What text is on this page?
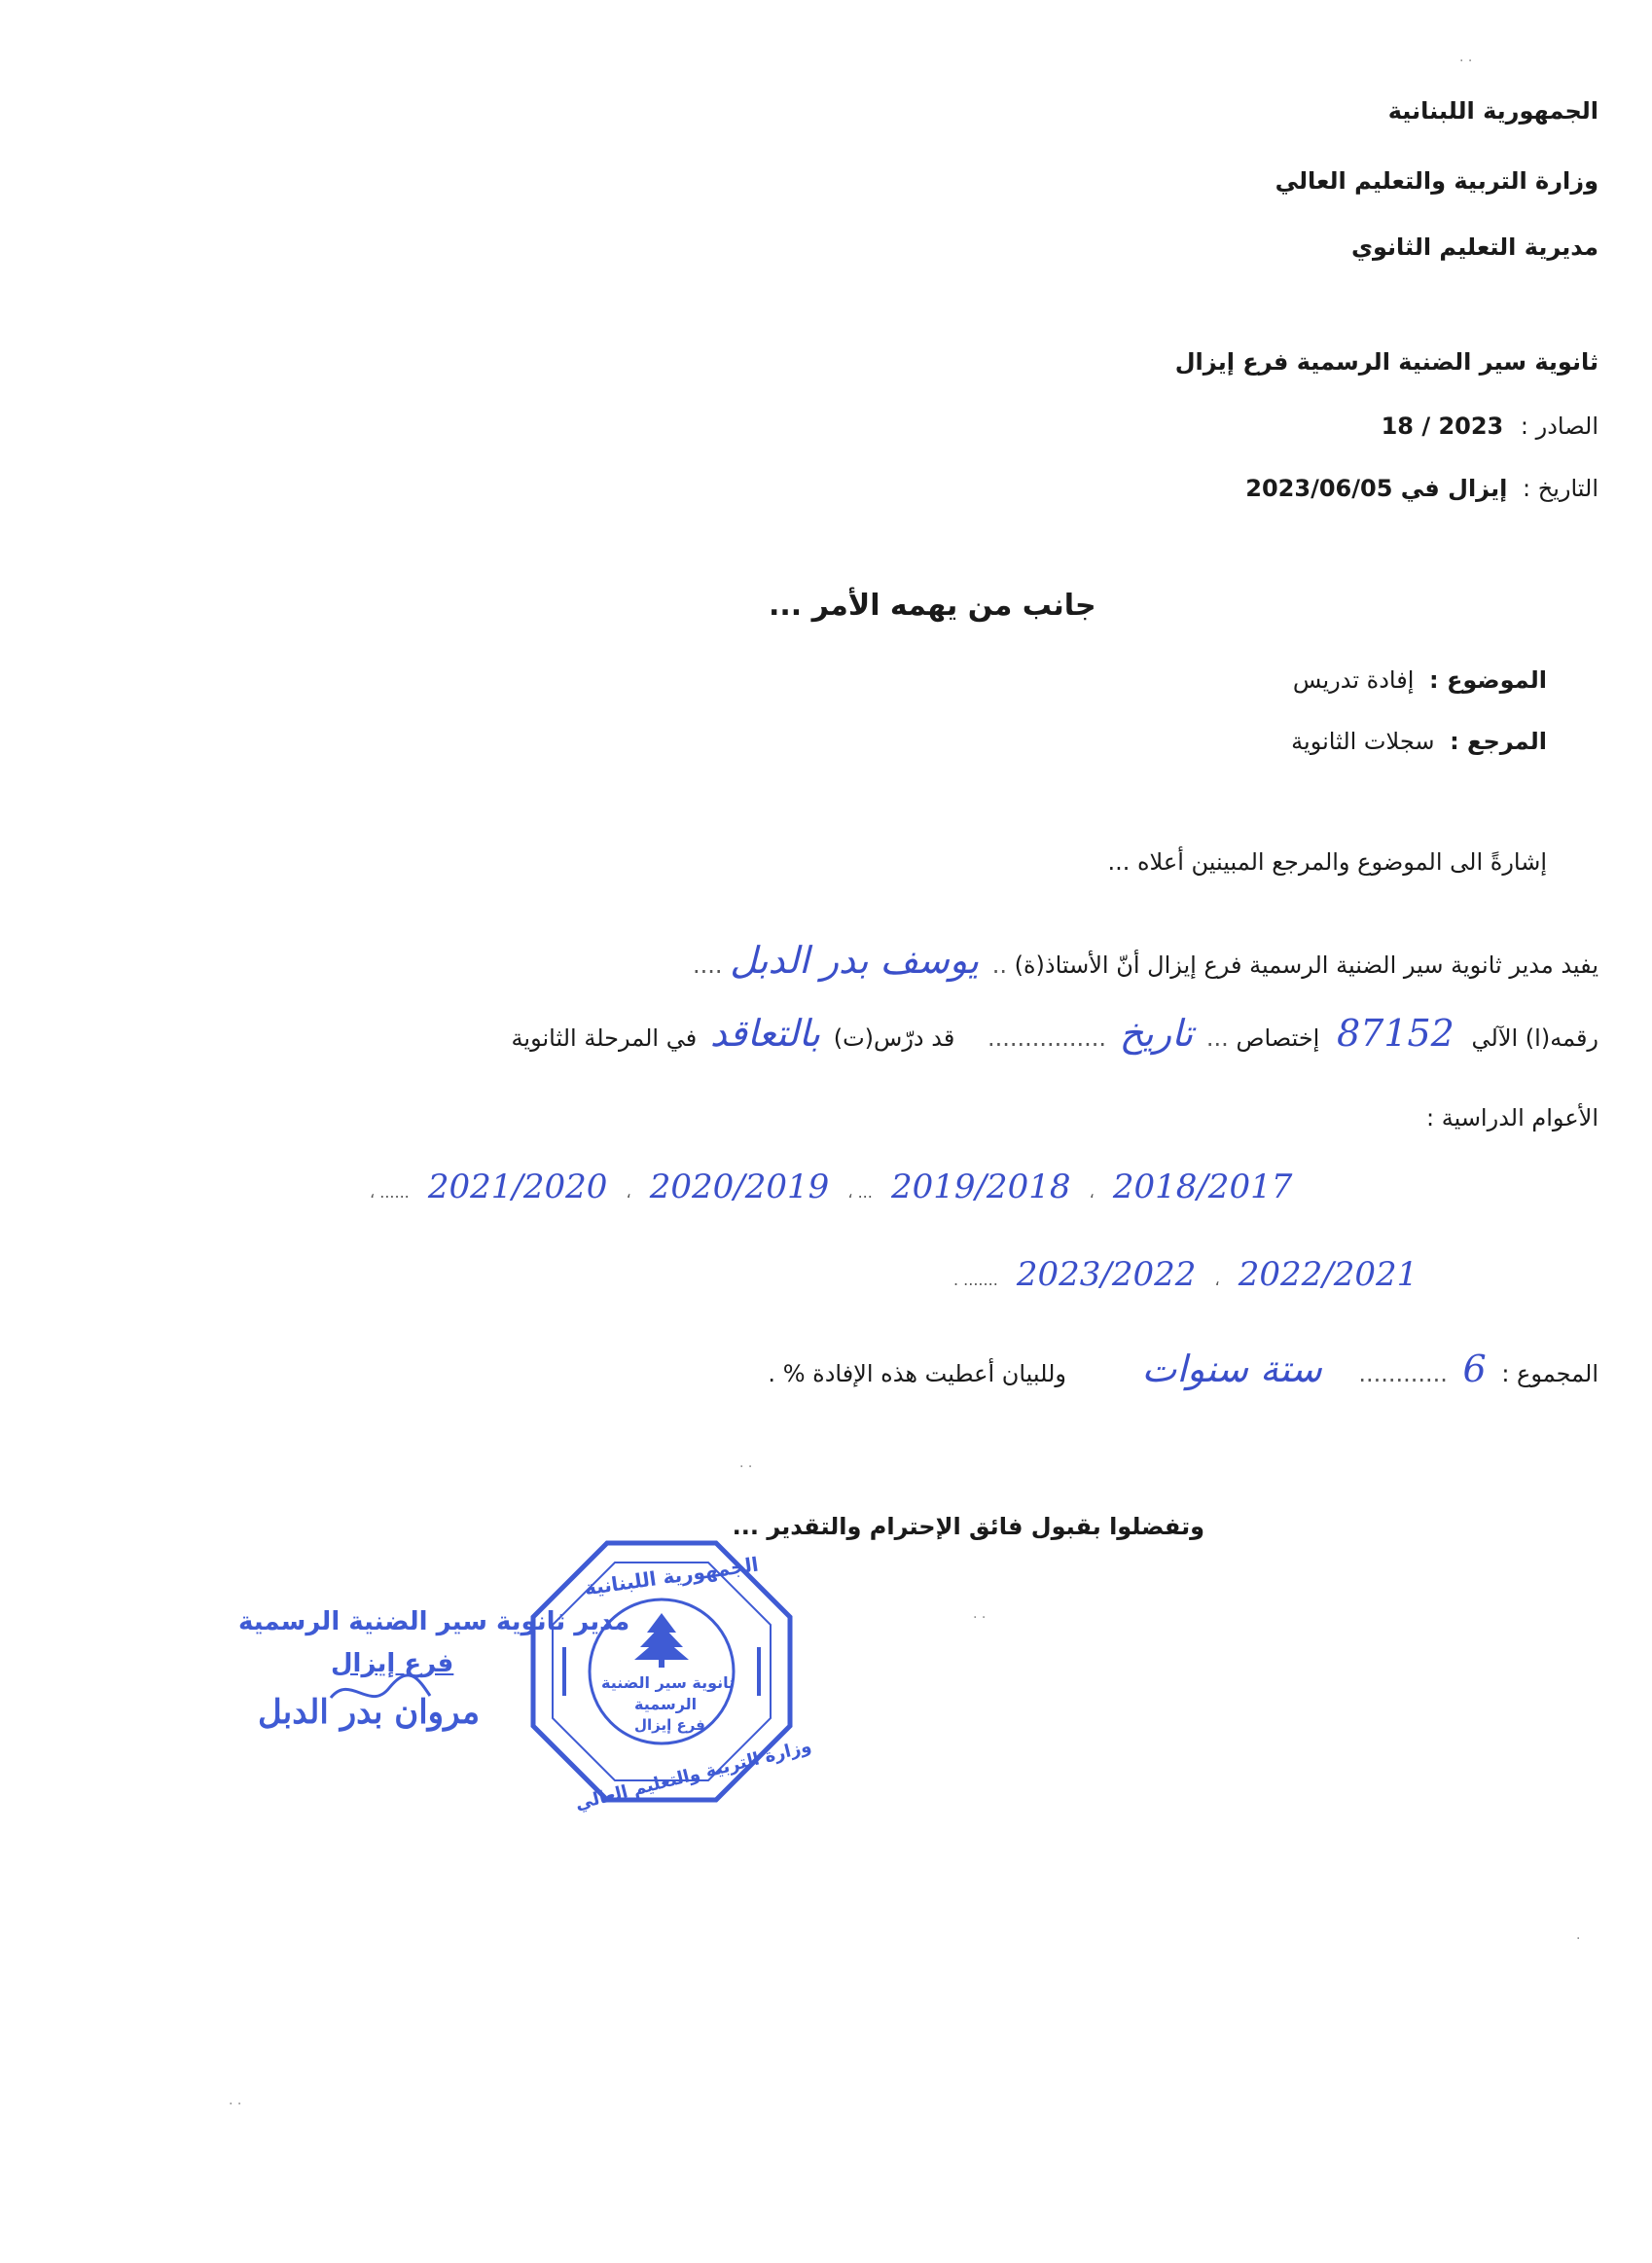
الجمهورية اللبنانية
وزارة التربية والتعليم العالي
مديرية التعليم الثانوي
ثانوية سير الضنية الرسمية فرع إيزال
الصادر : 18 / 2023
التاريخ : إيزال في 2023/06/05
جانب من يهمه الأمر ...
الموضوع : إفادة تدريس
المرجع : سجلات الثانوية
إشارةً الى الموضوع والمرجع المبينين أعلاه ...
يفيد مدير ثانوية سير الضنية الرسمية فرع إيزال أنّ الأستاذ(ة) .. يوسف بدر الدبل ....
رقمه(ا) الآلي 87152 إختصاص ... تاريخ ................ قد درّس(ت) بالتعاقد في المرحلة الثانوية
الأعوام الدراسية :
، ...... 2021/2020 ، 2020/2019 ، ... 2019/2018 ، 2018/2017
. ....... 2023/2022 ، 2022/2021
المجموع : 6 ............ ستة سنوات وللبيان أعطيت هذه الإفادة % .
وتفضلوا بقبول فائق الإحترام والتقدير ...
مدير ثانوية سير الضنية الرسمية
فرع إيزال
مروان بدر الدبل
الجمهورية اللبنانية
وزارة التربية والتعليم العالي
ثانوية سير الضنية
الرسمية
فرع إيزال
· ·
· ·
·
· ·
· ·
